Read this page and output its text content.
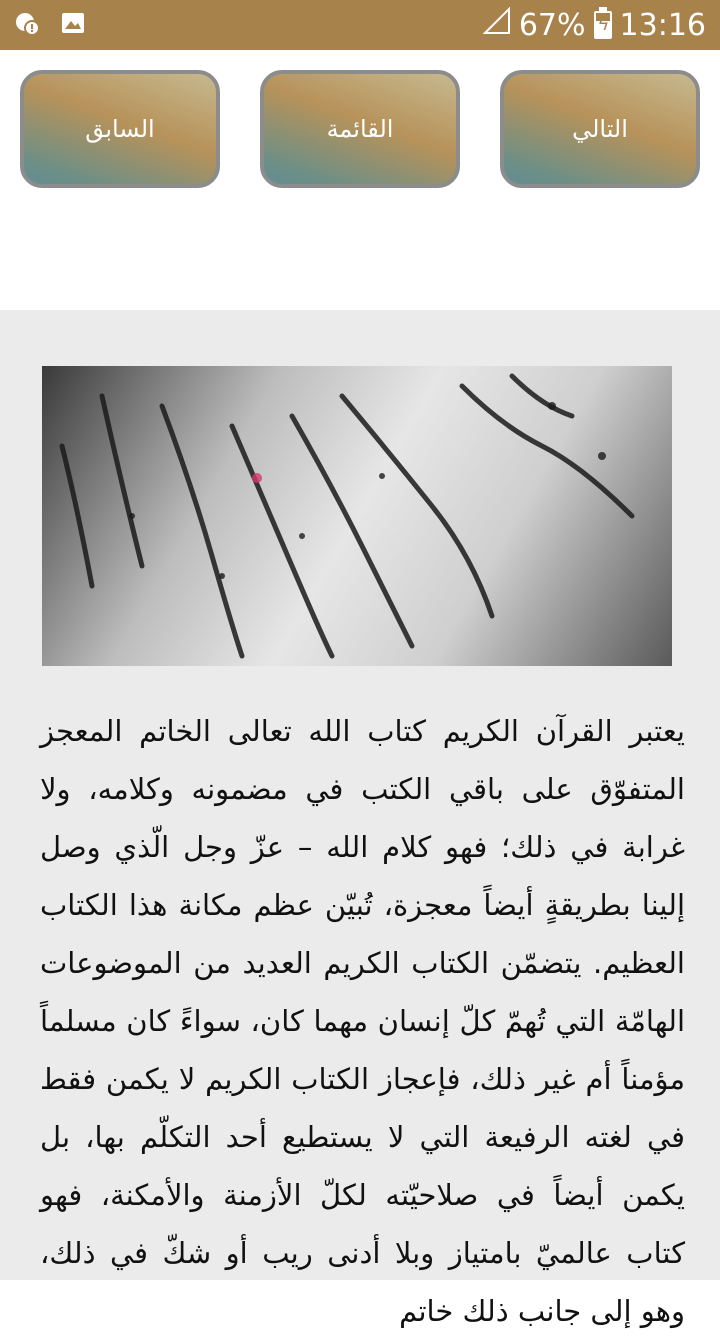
67% ϟ 13:16
التالي
القائمة
السابق
يعتبر القرآن الكريم كتاب الله تعالى الخاتم المعجز المتفوّق على باقي الكتب في مضمونه وكلامه، ولا غرابة في ذلك؛ فهو كلام الله – عزّ وجل الّذي وصل إلينا بطريقةٍ أيضاً معجزة، تُبيّن عظم مكانة هذا الكتاب العظيم. يتضمّن الكتاب الكريم العديد من الموضوعات الهامّة التي تُهمّ كلّ إنسان مهما كان، سواءً كان مسلماً مؤمناً أم غير ذلك، فإعجاز الكتاب الكريم لا يكمن فقط في لغته الرفيعة التي لا يستطيع أحد التكلّم بها، بل يكمن أيضاً في صلاحيّته لكلّ الأزمنة والأمكنة، فهو كتاب عالميّ بامتياز وبلا أدنى ريب أو شكّ في ذلك، وهو إلى جانب ذلك خاتم
